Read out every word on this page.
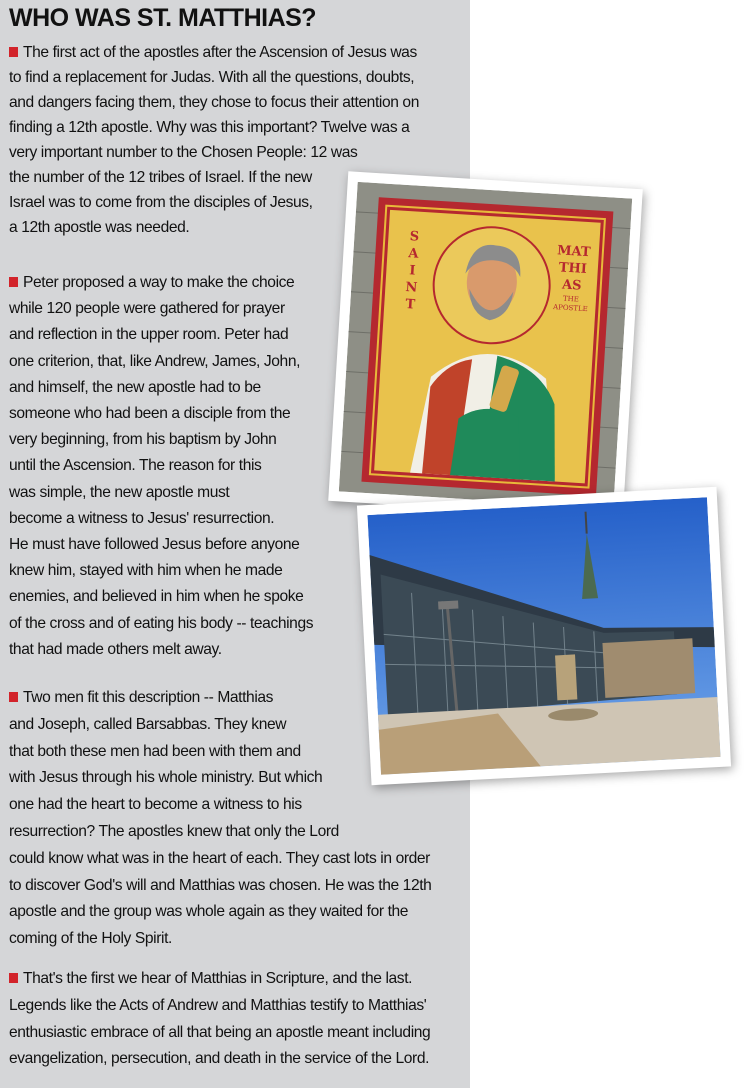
WHO WAS ST. MATTHIAS?
The first act of the apostles after the Ascension of Jesus was
to find a replacement for Judas. With all the questions, doubts,
and dangers facing them, they chose to focus their attention on
finding a 12th apostle. Why was this important? Twelve was a
very important number to the Chosen People: 12 was
the number of the 12 tribes of Israel. If the new
Israel was to come from the disciples of Jesus,
a 12th apostle was needed.
Peter proposed a way to make the choice
while 120 people were gathered for prayer
and reflection in the upper room. Peter had
one criterion, that, like Andrew, James, John,
and himself, the new apostle had to be
someone who had been a disciple from the
very beginning, from his baptism by John
until the Ascension. The reason for this
was simple, the new apostle must
become a witness to Jesus' resurrection.
He must have followed Jesus before anyone
knew him, stayed with him when he made
enemies, and believed in him when he spoke
of the cross and of eating his body -- teachings
that had made others melt away.
Two men fit this description -- Matthias
and Joseph, called Barsabbas. They knew
that both these men had been with them and
with Jesus through his whole ministry. But which
one had the heart to become a witness to his
resurrection? The apostles knew that only the Lord
could know what was in the heart of each. They cast lots in order
to discover God's will and Matthias was chosen. He was the 12th
apostle and the group was whole again as they waited for the
coming of the Holy Spirit.
That's the first we hear of Matthias in Scripture, and the last.
Legends like the Acts of Andrew and Matthias testify to Matthias'
enthusiastic embrace of all that being an apostle meant including
evangelization, persecution, and death in the service of the Lord.
S
A
I
N
T
MAT
THI
AS
THE
APOSTLE
